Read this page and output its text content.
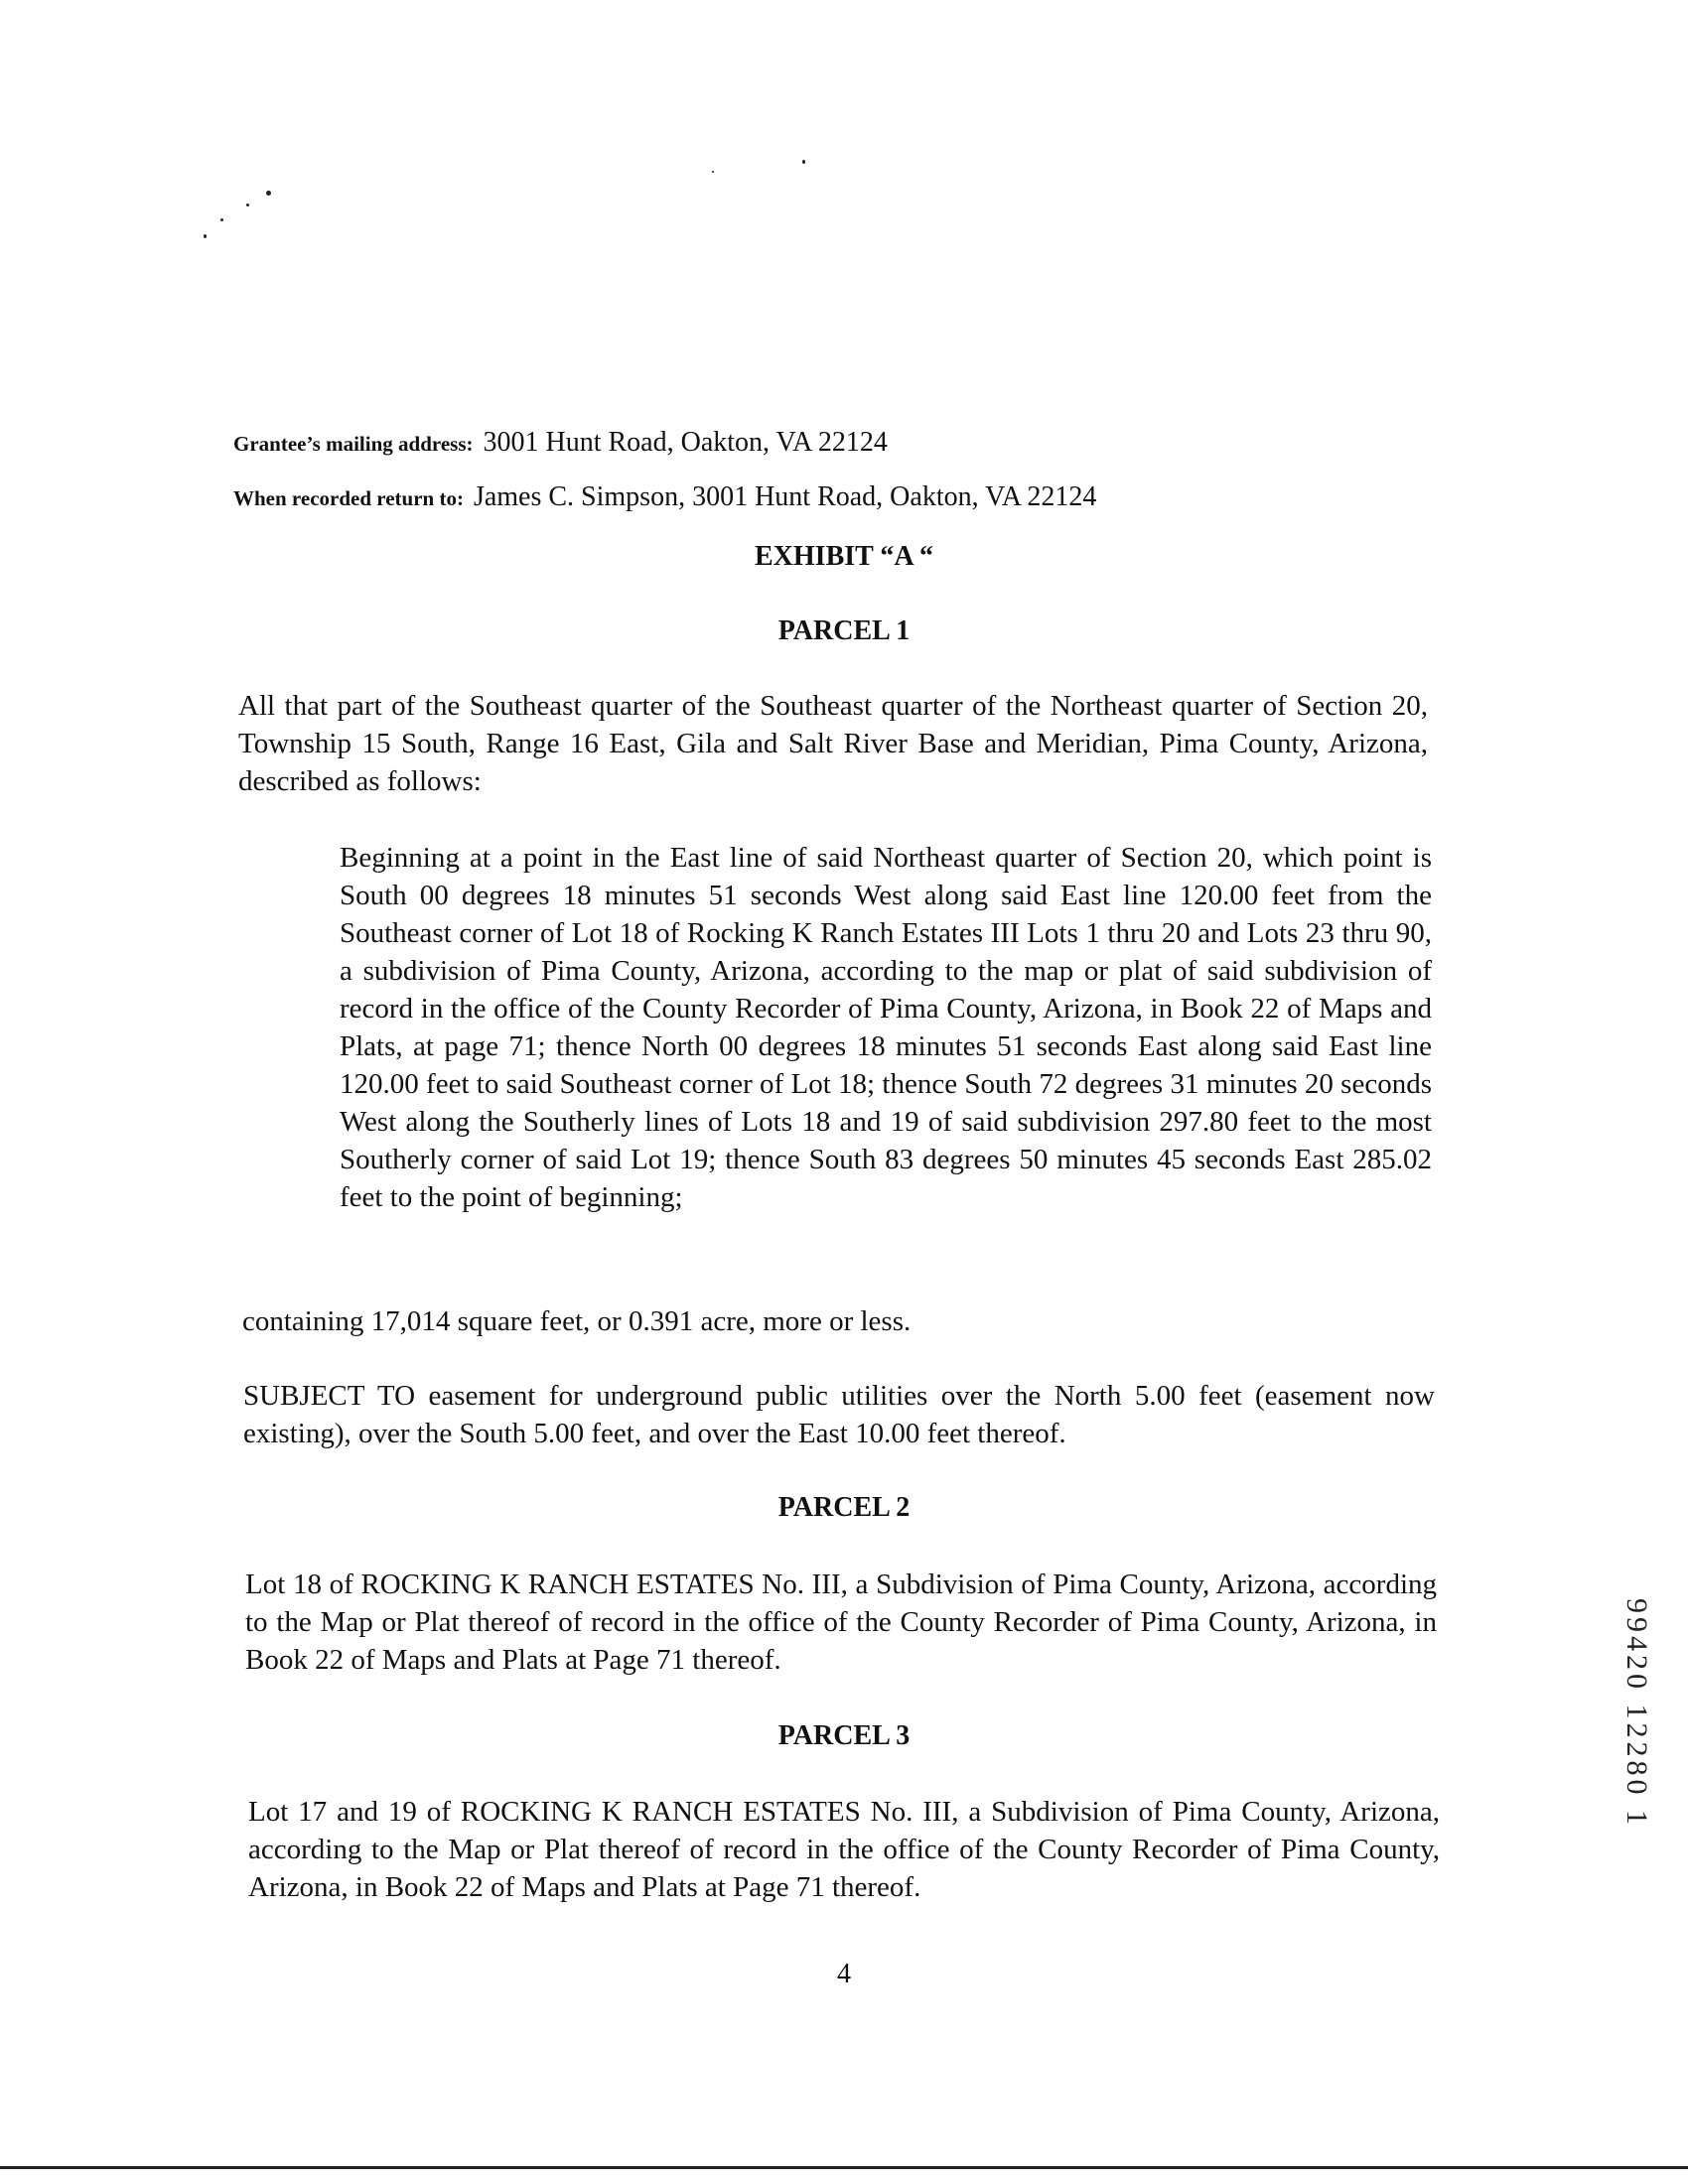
Grantee’s mailing address: 3001 Hunt Road, Oakton, VA 22124
When recorded return to: James C. Simpson, 3001 Hunt Road, Oakton, VA 22124
EXHIBIT “A “
PARCEL 1

All that part of the Southeast quarter of the Southeast quarter of the Northeast quarter of Section 20, Township 15 South, Range 16 East, Gila and Salt River Base and Meridian, Pima County, Arizona, described as follows:

Beginning at a point in the East line of said Northeast quarter of Section 20, which point is South 00 degrees 18 minutes 51 seconds West along said East line 120.00 feet from the Southeast corner of Lot 18 of Rocking K Ranch Estates III Lots 1 thru 20 and Lots 23 thru 90, a subdivision of Pima County, Arizona, according to the map or plat of said subdivision of record in the office of the County Recorder of Pima County, Arizona, in Book 22 of Maps and Plats, at page 71; thence North 00 degrees 18 minutes 51 seconds East along said East line 120.00 feet to said Southeast corner of Lot 18; thence South 72 degrees 31 minutes 20 seconds West along the Southerly lines of Lots 18 and 19 of said subdivision 297.80 feet to the most Southerly corner of said Lot 19; thence South 83 degrees 50 minutes 45 seconds East 285.02 feet to the point of beginning;

containing 17,014 square feet, or 0.391 acre, more or less.

SUBJECT TO easement for underground public utilities over the North 5.00 feet (easement now existing), over the South 5.00 feet, and over the East 10.00 feet thereof.

PARCEL 2

Lot 18 of ROCKING K RANCH ESTATES No. III, a Subdivision of Pima County, Arizona, according to the Map or Plat thereof of record in the office of the County Recorder of Pima County, Arizona, in Book 22 of Maps and Plats at Page 71 thereof.

PARCEL 3

Lot 17 and 19 of ROCKING K RANCH ESTATES No. III, a Subdivision of Pima County, Arizona, according to the Map or Plat thereof of record in the office of the County Recorder of Pima County, Arizona, in Book 22 of Maps and Plats at Page 71 thereof.

4
99420 12280 1
